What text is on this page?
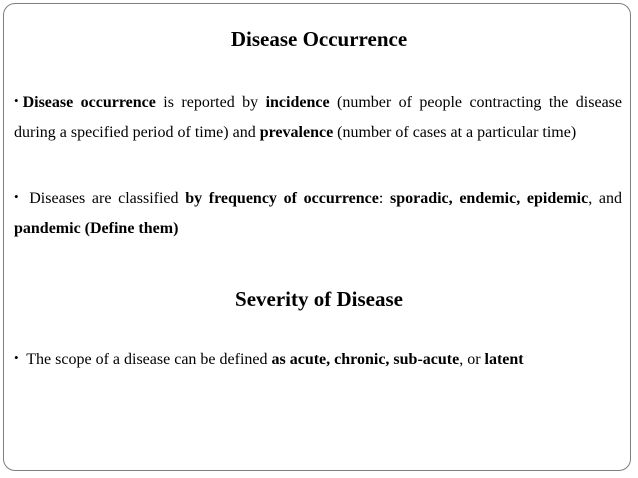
Disease Occurrence

• Disease occurrence is reported by incidence (number of people contracting the disease during a specified period of time) and prevalence (number of cases at a particular time)

• Diseases are classified by frequency of occurrence: sporadic, endemic, epidemic, and pandemic (Define them)

Severity of Disease

• The scope of a disease can be defined as acute, chronic, sub-acute, or latent
